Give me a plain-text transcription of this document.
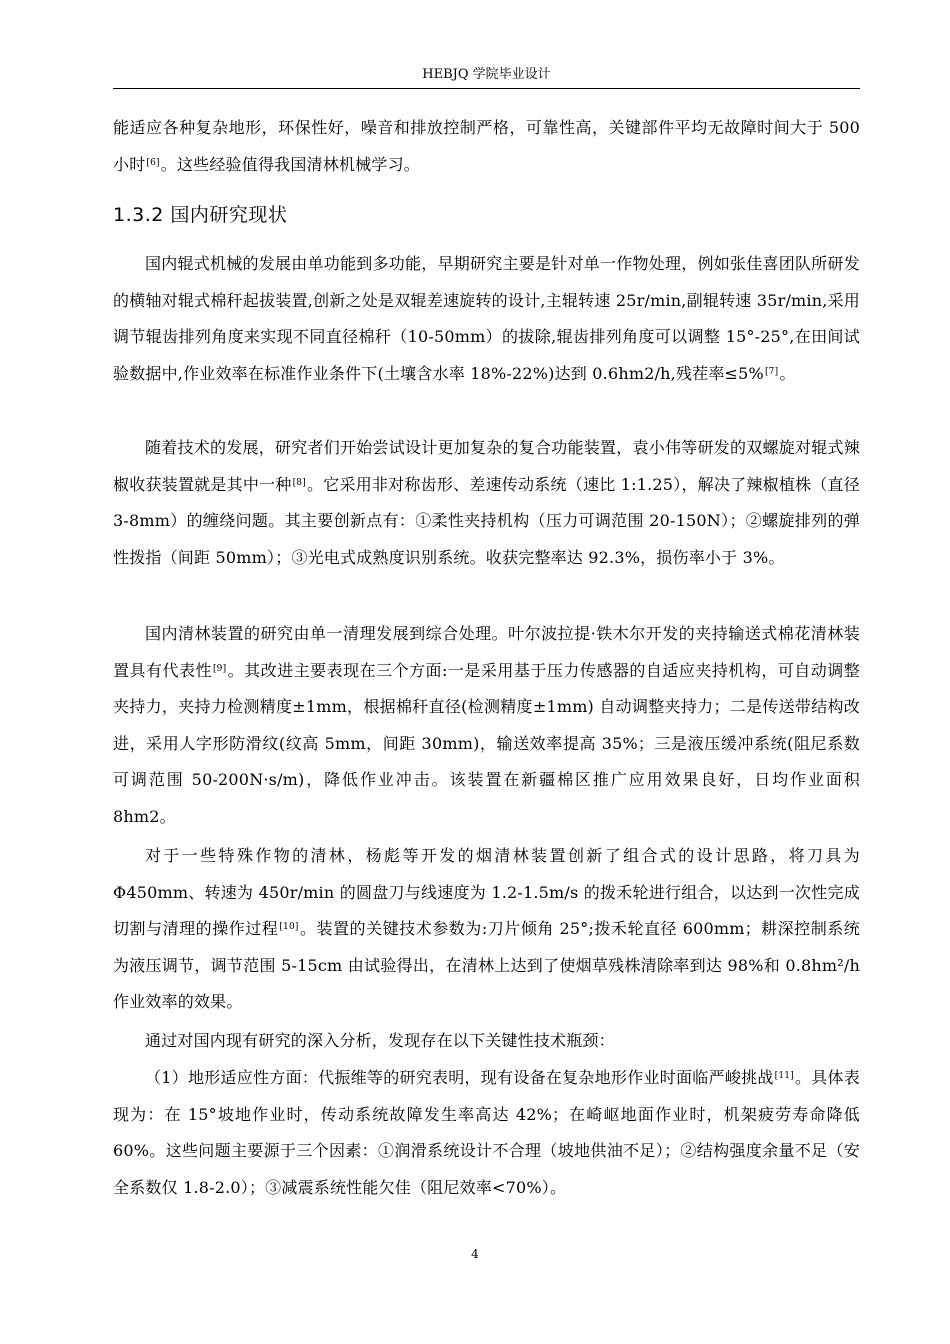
HEBJQ 学院毕业设计

能适应各种复杂地形，环保性好，噪音和排放控制严格，可靠性高，关键部件平均无故障时间大于 500 小时[6]。这些经验值得我国清林机械学习。

1.3.2 国内研究现状

国内辊式机械的发展由单功能到多功能，早期研究主要是针对单一作物处理，例如张佳喜团队所研发的横轴对辊式棉秆起拔装置,创新之处是双辊差速旋转的设计,主辊转速 25r/min,副辊转速 35r/min,采用调节辊齿排列角度来实现不同直径棉秆（10-50mm）的拔除,辊齿排列角度可以调整 15°-25°,在田间试验数据中,作业效率在标准作业条件下(土壤含水率 18%-22%)达到 0.6hm2/h,残茬率≤5%[7]。

随着技术的发展，研究者们开始尝试设计更加复杂的复合功能装置，袁小伟等研发的双螺旋对辊式辣椒收获装置就是其中一种[8]。它采用非对称齿形、差速传动系统（速比 1:1.25），解决了辣椒植株（直径 3-8mm）的缠绕问题。其主要创新点有：①柔性夹持机构（压力可调范围 20-150N）；②螺旋排列的弹性拨指（间距 50mm）；③光电式成熟度识别系统。收获完整率达 92.3%，损伤率小于 3%。

国内清林装置的研究由单一清理发展到综合处理。叶尔波拉提·铁木尔开发的夹持输送式棉花清林装置具有代表性[9]。其改进主要表现在三个方面:一是采用基于压力传感器的自适应夹持机构，可自动调整夹持力，夹持力检测精度±1mm，根据棉秆直径(检测精度±1mm) 自动调整夹持力；二是传送带结构改进，采用人字形防滑纹(纹高 5mm，间距 30mm)，输送效率提高 35%；三是液压缓冲系统(阻尼系数可调范围 50-200N·s/m)，降低作业冲击。该装置在新疆棉区推广应用效果良好，日均作业面积 8hm2。

对于一些特殊作物的清林，杨彪等开发的烟清林装置创新了组合式的设计思路，将刀具为 Φ450mm、转速为 450r/min 的圆盘刀与线速度为 1.2-1.5m/s 的拨禾轮进行组合，以达到一次性完成切割与清理的操作过程[10]。装置的关键技术参数为:刀片倾角 25°;拨禾轮直径 600mm；耕深控制系统为液压调节，调节范围 5-15cm 由试验得出，在清林上达到了使烟草残株清除率到达 98%和 0.8hm²/h 作业效率的效果。

通过对国内现有研究的深入分析，发现存在以下关键性技术瓶颈：

（1）地形适应性方面：代振维等的研究表明，现有设备在复杂地形作业时面临严峻挑战[11]。具体表现为：在 15°坡地作业时，传动系统故障发生率高达 42%；在崎岖地面作业时，机架疲劳寿命降低 60%。这些问题主要源于三个因素：①润滑系统设计不合理（坡地供油不足）；②结构强度余量不足（安全系数仅 1.8-2.0）；③减震系统性能欠佳（阻尼效率<70%）。

4
